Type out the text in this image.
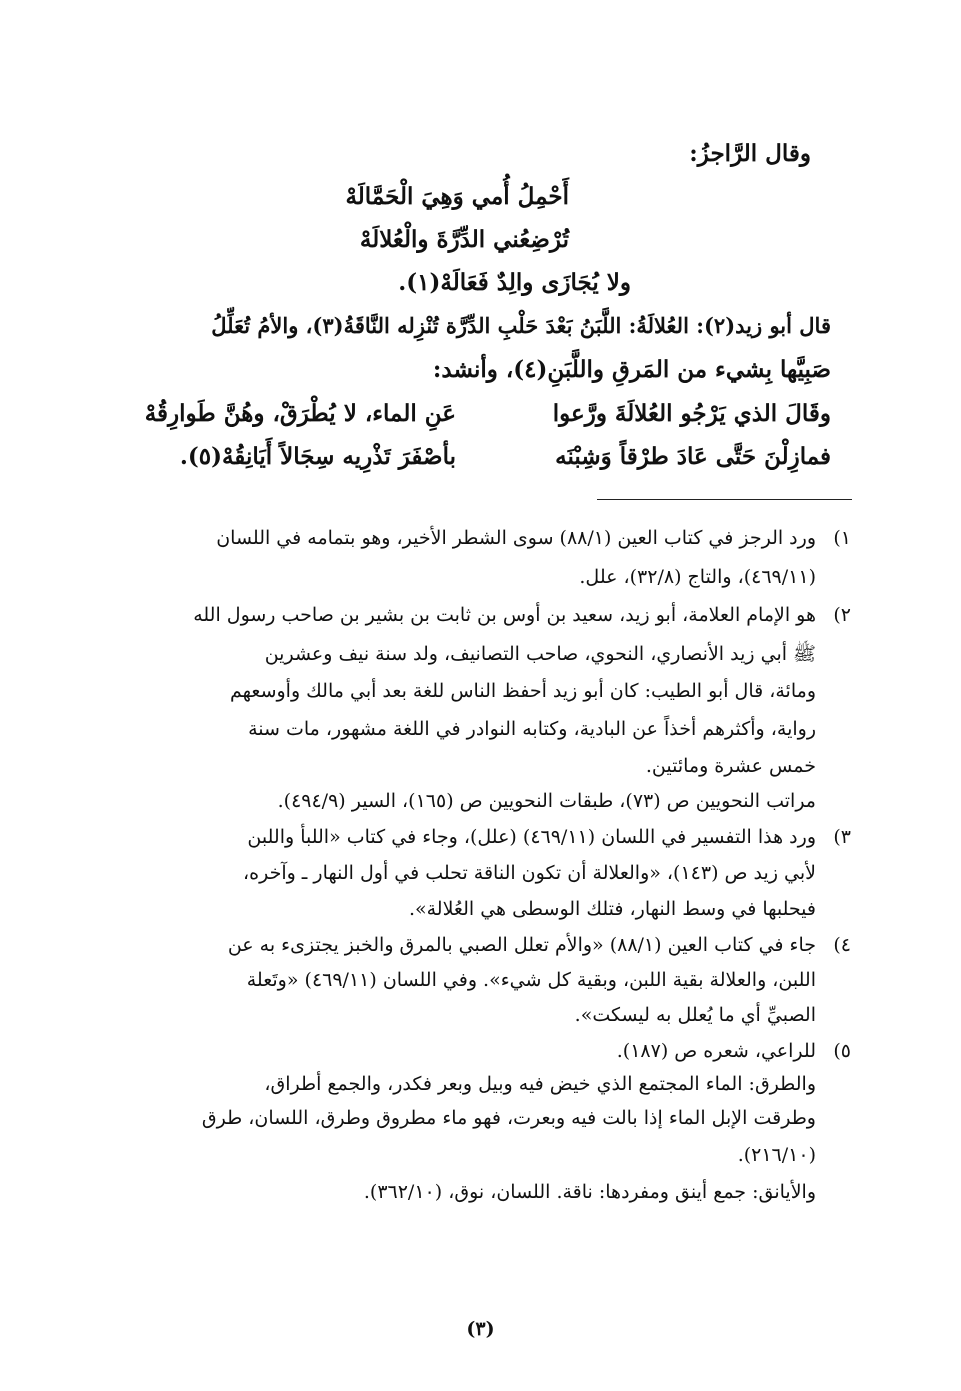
وقال الرَّاجزُ:
أَحْمِلُ أُمي وَهِيَ الْحَمَّالَهْ
تُرْضِعُني الدِّرَّةَ والْعُلالَهْ
ولا يُجَازَى والِدٌ فَعَالَهْ(١).
قال أبو زيد(٢): العُلالَةُ: اللَّبَنُ بَعْدَ حَلْبِ الدِّرَّة تُنْزِله النَّاقَةُ(٣)، والأمُ تُعَلِّلُ
صَبِيَّها بِشيء من المَرقِ واللَّبَنِ(٤)، وأنشد:
وقَالَ الذي يَرْجُو العُلالَةَ ورَّعوا
عَنِ الماء، لا يُطْرَقْ، وهُنَّ طَوارِقُهْ
فمازِلْنَ حَتَّى عَادَ طرْقاً وَشِبْنَه
بأصْفَرَ تَذْرِيه سِجَالاً أَيَانِقُهْ(٥).
١)
ورد الرجز في كتاب العين (٨٨/١) سوى الشطر الأخير، وهو بتمامه في اللسان
(٤٦٩/١١)، والتاج (٣٢/٨)، علل.
٢)
هو الإمام العلامة، أبو زيد، سعيد بن أوس بن ثابت بن بشير بن صاحب رسول الله
ﷺ أبي زيد الأنصاري، النحوي، صاحب التصانيف، ولد سنة نيف وعشرين
ومائة، قال أبو الطيب: كان أبو زيد أحفظ الناس للغة بعد أبي مالك وأوسعهم
رواية، وأكثرهم أخذاً عن البادية، وكتابه النوادر في اللغة مشهور، مات سنة
خمس عشرة ومائتين.
مراتب النحويين ص (٧٣)، طبقات النحويين ص (١٦٥)، السير (٤٩٤/٩).
٣)
ورد هذا التفسير في اللسان (٤٦٩/١١) (علل)، وجاء في كتاب «اللبأ واللبن
لأبي زيد ص (١٤٣)، «والعلالة أن تكون الناقة تحلب في أول النهار ـ وآخره،
فيحلبها في وسط النهار، فتلك الوسطى هي العُلالة».
٤)
جاء في كتاب العين (٨٨/١) «والأم تعلل الصبي بالمرق والخبز يجتزىء به عن
اللبن، والعلالة بقية اللبن، وبقية كل شيء». وفي اللسان (٤٦٩/١١) «وتَعلة
الصبيِّ أي ما يُعلل به ليسكت».
٥)
للراعي، شعره ص (١٨٧).
والطرق: الماء المجتمع الذي خيض فيه وبيل وبعر فكدر، والجمع أطراق،
وطرقت الإبل الماء إذا بالت فيه وبعرت، فهو ماء مطروق وطرق، اللسان، طرق
(٢١٦/١٠).
والأيانق: جمع أينق ومفردها: ناقة. اللسان، نوق، (٣٦٢/١٠).
(٣)
